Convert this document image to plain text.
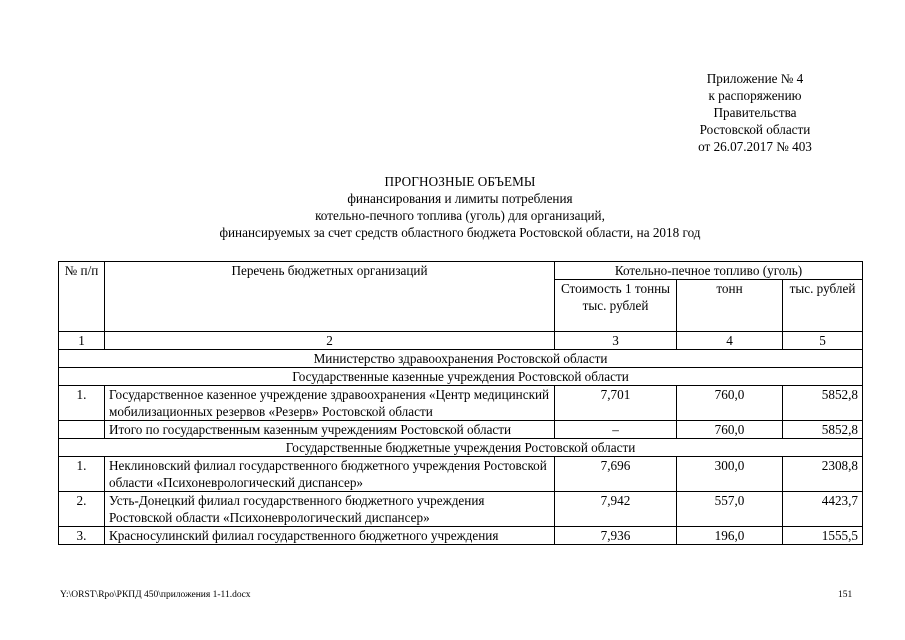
Приложение № 4
к распоряжению
Правительства
Ростовской области
от 26.07.2017 № 403
ПРОГНОЗНЫЕ ОБЪЕМЫ
финансирования и лимиты потребления
котельно-печного топлива (уголь) для организаций,
финансируемых за счет средств областного бюджета Ростовской области, на 2018 год
№ п/п	Перечень бюджетных организаций	Котельно-печное топливо (уголь)		
		Стоимость 1 тонны тыс. рублей	тонн	тыс. рублей
1	2	3	4	5
Министерство здравоохранения Ростовской области				
Государственные казенные учреждения Ростовской области				
1.	Государственное казенное учреждение здравоохранения «Центр медицинский мобилизационных резервов «Резерв» Ростовской области	7,701	760,0	5852,8
	Итого по государственным казенным учреждениям Ростовской области	–	760,0	5852,8
Государственные бюджетные учреждения Ростовской области				
1.	Неклиновский филиал государственного бюджетного учреждения Ростовской области «Психоневрологический диспансер»	7,696	300,0	2308,8
2.	Усть-Донецкий филиал государственного бюджетного учреждения Ростовской области «Психоневрологический диспансер»	7,942	557,0	4423,7
3.	Красносулинский филиал государственного бюджетного учреждения	7,936	196,0	1555,5
Y:\ORST\Rpo\РКПД 450\приложения 1-11.docx	151
